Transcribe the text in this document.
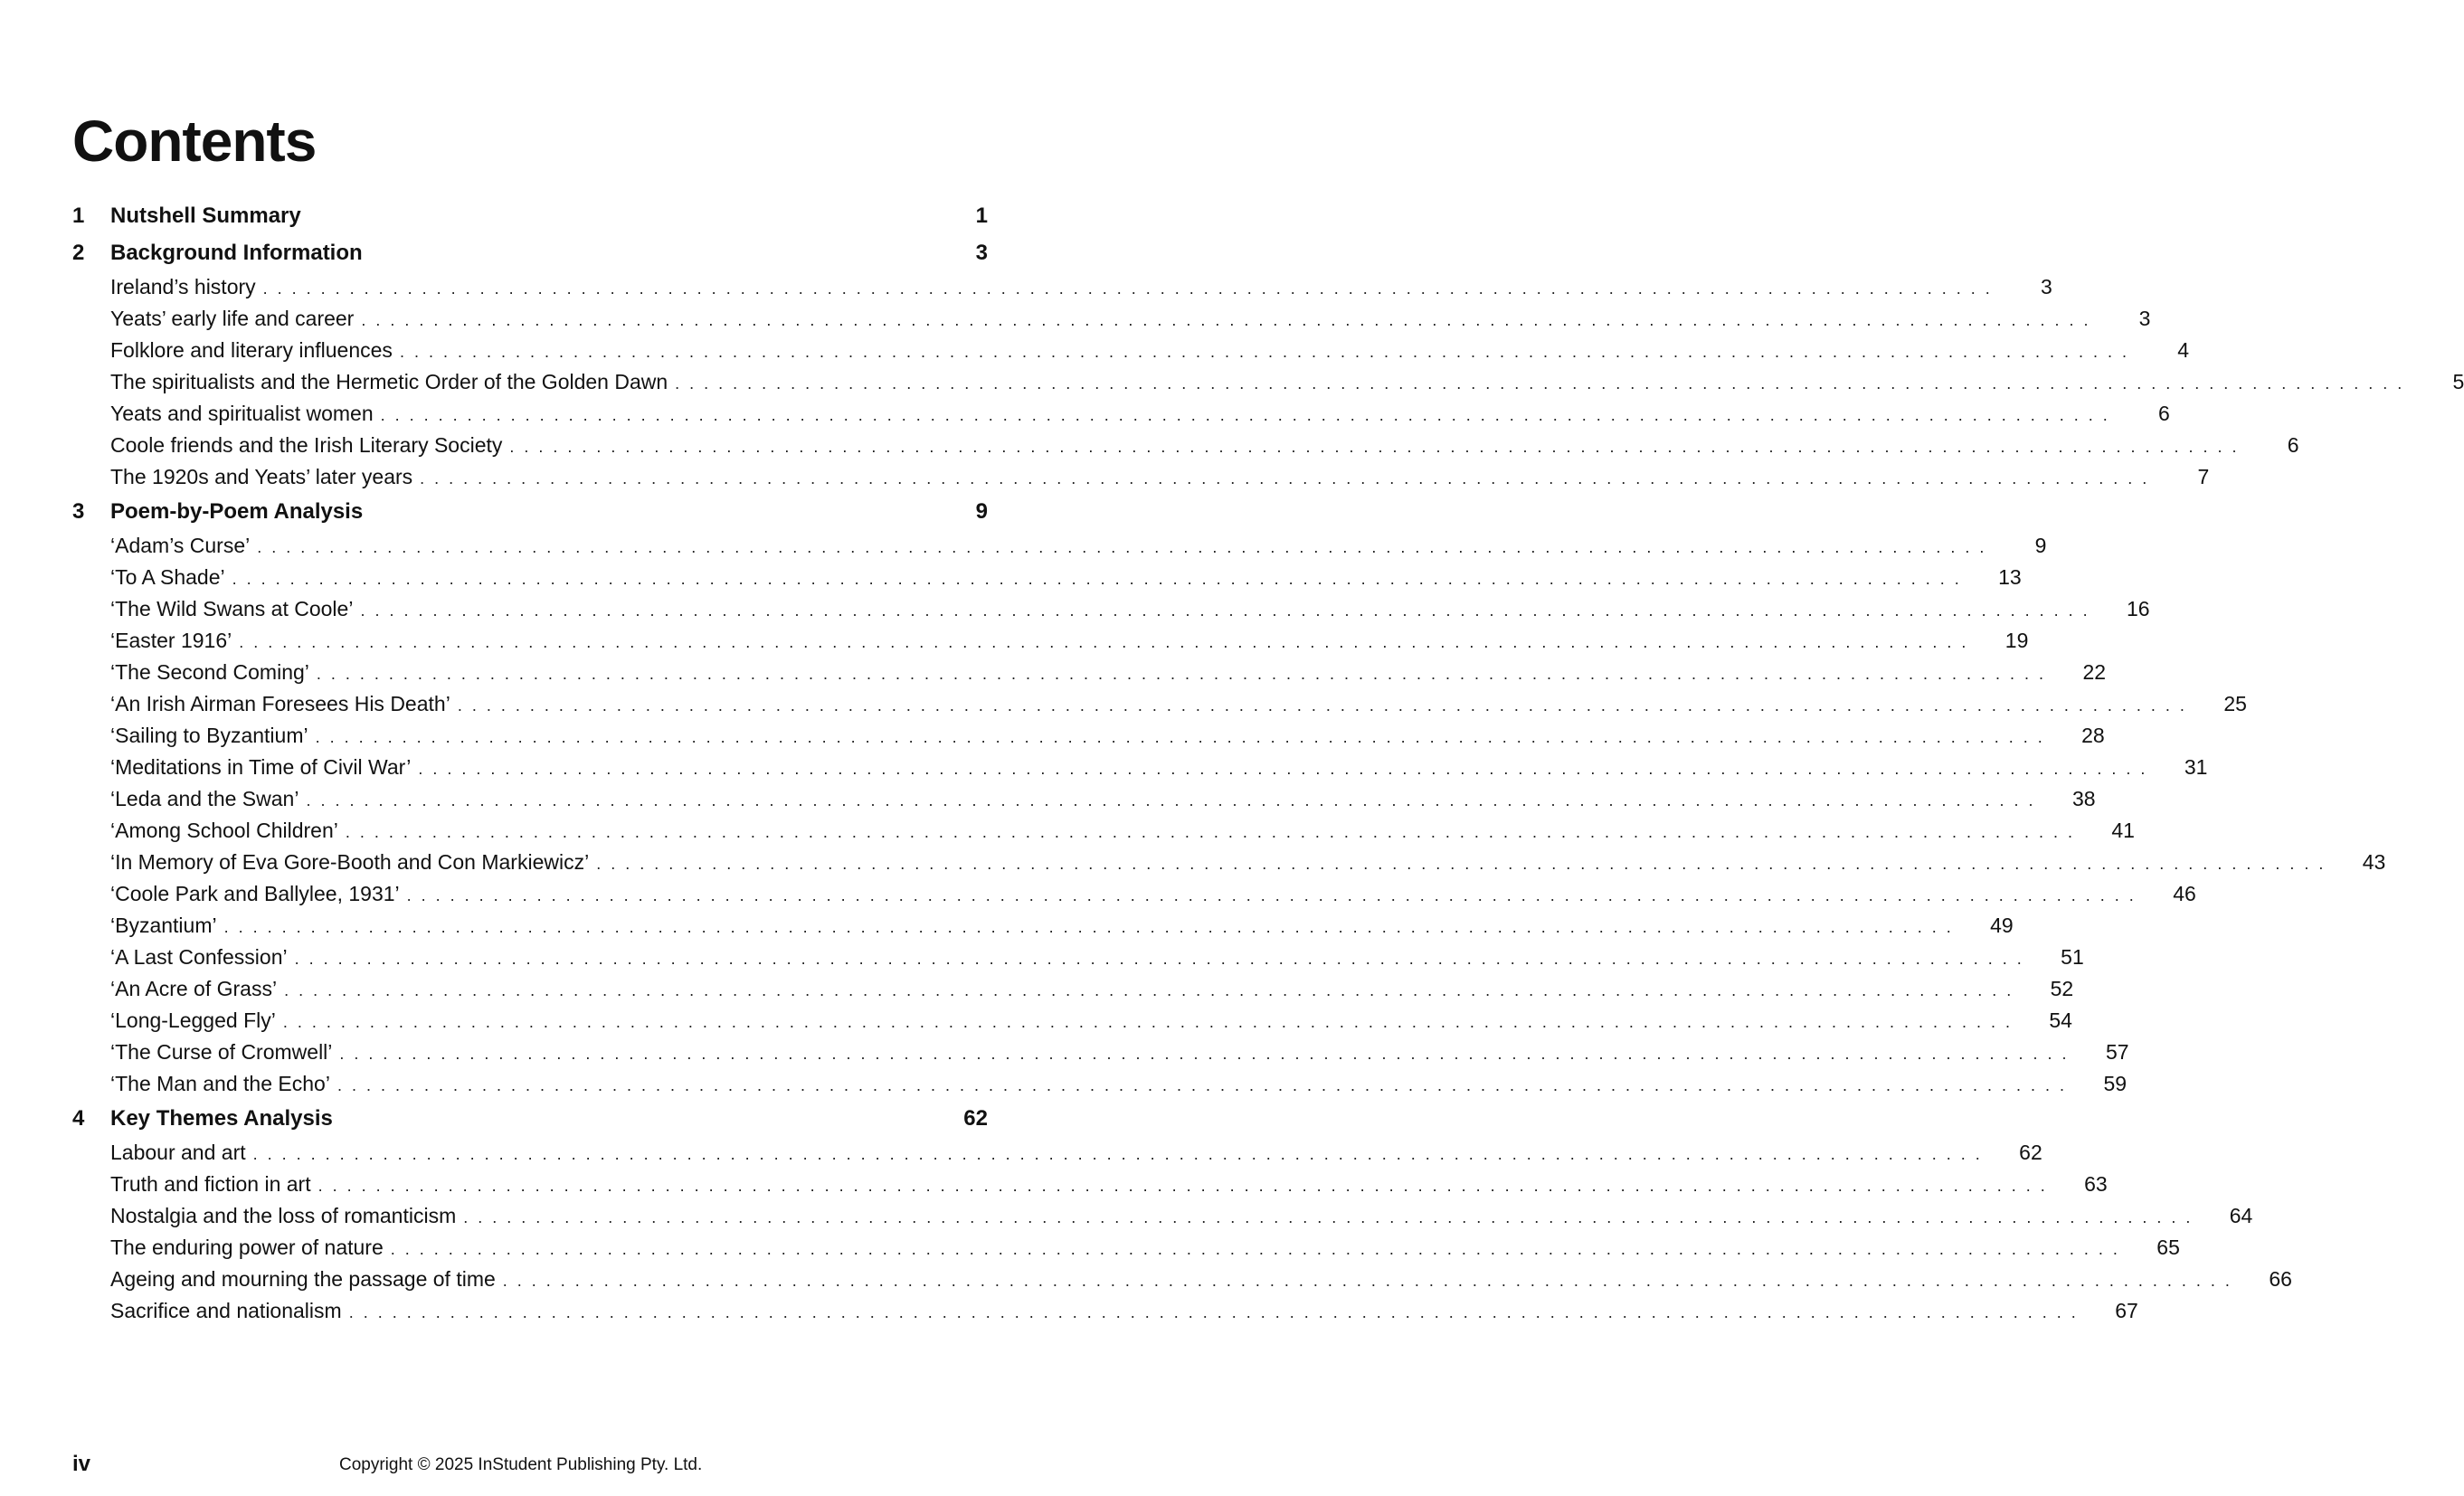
Contents
1	Nutshell Summary	1
2	Background Information	3
Ireland’s history ........................................................................................................................	3
Yeats’ early life and career ........................................................................................................................	3
Folklore and literary influences ........................................................................................................................	4
The spiritualists and the Hermetic Order of the Golden Dawn ........................................................................................................................	5
Yeats and spiritualist women ........................................................................................................................	6
Coole friends and the Irish Literary Society ........................................................................................................................	6
The 1920s and Yeats’ later years ........................................................................................................................	7
3	Poem-by-Poem Analysis	9
‘Adam’s Curse’ ........................................................................................................................	9
‘To A Shade’ ........................................................................................................................	13
‘The Wild Swans at Coole’ ........................................................................................................................	16
‘Easter 1916’ ........................................................................................................................	19
‘The Second Coming’ ........................................................................................................................	22
‘An Irish Airman Foresees His Death’ ........................................................................................................................	25
‘Sailing to Byzantium’ ........................................................................................................................	28
‘Meditations in Time of Civil War’ ........................................................................................................................	31
‘Leda and the Swan’ ........................................................................................................................	38
‘Among School Children’ ........................................................................................................................	41
‘In Memory of Eva Gore-Booth and Con Markiewicz’ ........................................................................................................................	43
‘Coole Park and Ballylee, 1931’ ........................................................................................................................	46
‘Byzantium’ ........................................................................................................................	49
‘A Last Confession’ ........................................................................................................................	51
‘An Acre of Grass’ ........................................................................................................................	52
‘Long-Legged Fly’ ........................................................................................................................	54
‘The Curse of Cromwell’ ........................................................................................................................	57
‘The Man and the Echo’ ........................................................................................................................	59
4	Key Themes Analysis	62
Labour and art ........................................................................................................................	62
Truth and fiction in art ........................................................................................................................	63
Nostalgia and the loss of romanticism ........................................................................................................................	64
The enduring power of nature ........................................................................................................................	65
Ageing and mourning the passage of time ........................................................................................................................	66
Sacrifice and nationalism ........................................................................................................................	67
iv	Copyright © 2025 InStudent Publishing Pty. Ltd.
